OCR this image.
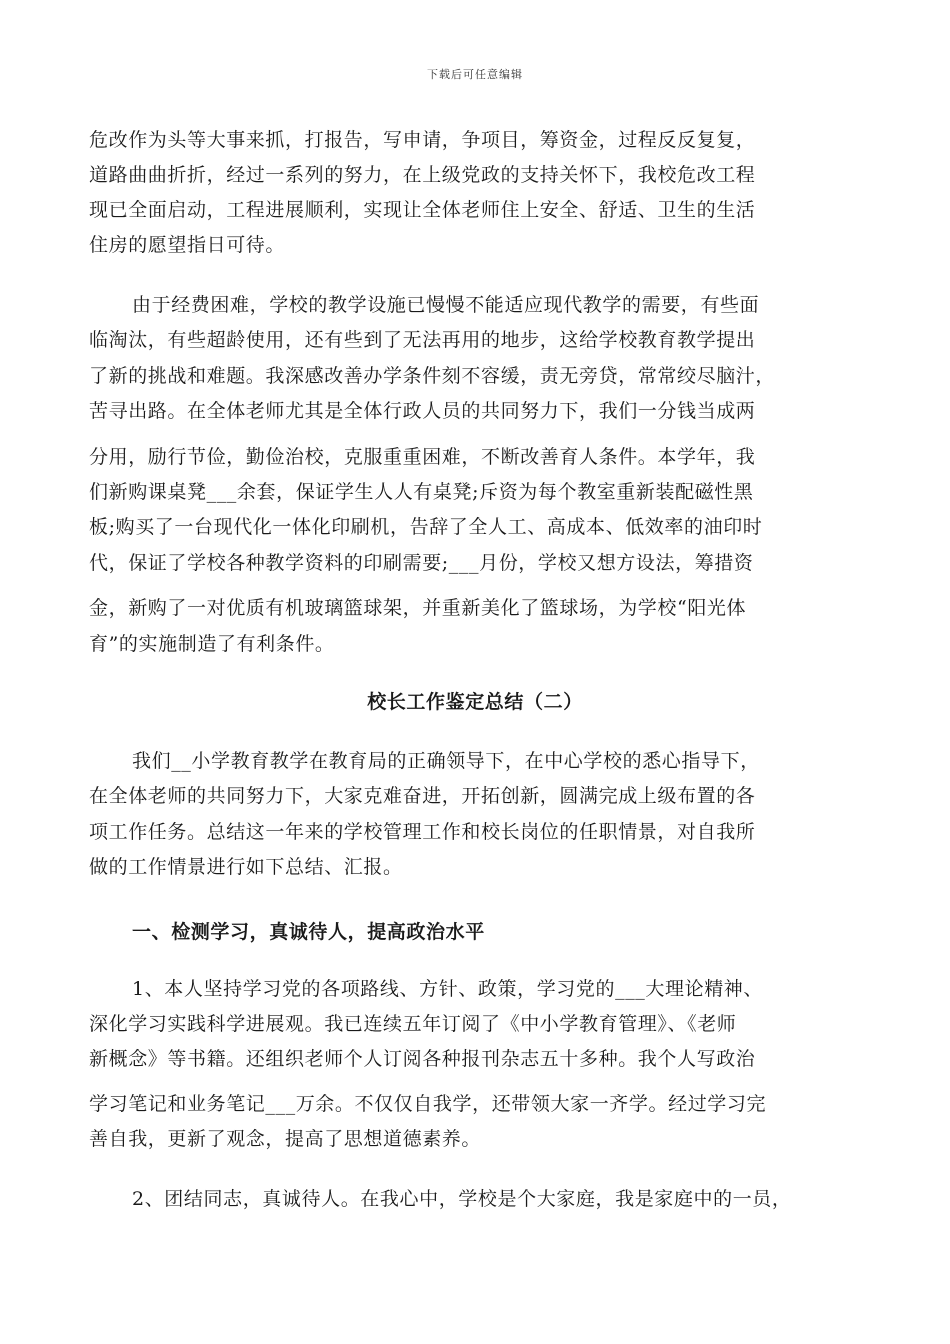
下载后可任意编辑
危改作为头等大事来抓，打报告，写申请，争项目，筹资金，过程反反复复，
道路曲曲折折，经过一系列的努力，在上级党政的支持关怀下，我校危改工程
现已全面启动，工程进展顺利，实现让全体老师住上安全、舒适、卫生的生活
住房的愿望指日可待。
由于经费困难，学校的教学设施已慢慢不能适应现代教学的需要，有些面
临淘汰，有些超龄使用，还有些到了无法再用的地步，这给学校教育教学提出
了新的挑战和难题。我深感改善办学条件刻不容缓，责无旁贷，常常绞尽脑汁，
苦寻出路。在全体老师尤其是全体行政人员的共同努力下，我们一分钱当成两
分用，励行节俭，勤俭治校，克服重重困难，不断改善育人条件。本学年，我
们新购课桌凳___余套，保证学生人人有桌凳;斥资为每个教室重新装配磁性黑
板;购买了一台现代化一体化印刷机，告辞了全人工、高成本、低效率的油印时
代，保证了学校各种教学资料的印刷需要;___月份，学校又想方设法，筹措资
金，新购了一对优质有机玻璃篮球架，并重新美化了篮球场，为学校“阳光体
育”的实施制造了有利条件。
校长工作鉴定总结（二）
我们__小学教育教学在教育局的正确领导下，在中心学校的悉心指导下，
在全体老师的共同努力下，大家克难奋进，开拓创新，圆满完成上级布置的各
项工作任务。总结这一年来的学校管理工作和校长岗位的任职情景，对自我所
做的工作情景进行如下总结、汇报。
一、检测学习，真诚待人，提高政治水平
1、本人坚持学习党的各项路线、方针、政策，学习党的___大理论精神、
深化学习实践科学进展观。我已连续五年订阅了《中小学教育管理》、《老师
新概念》等书籍。还组织老师个人订阅各种报刊杂志五十多种。我个人写政治
学习笔记和业务笔记___万余。不仅仅自我学，还带领大家一齐学。经过学习完
善自我，更新了观念，提高了思想道德素养。
2、团结同志，真诚待人。在我心中，学校是个大家庭，我是家庭中的一员，
